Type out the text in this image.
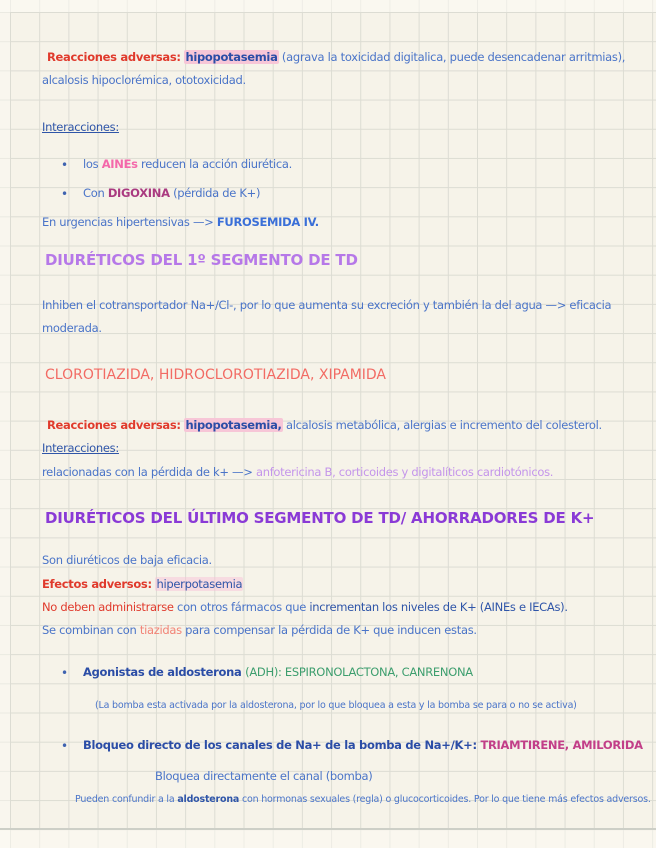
Reacciones adversas: hipopotasemia (agrava la toxicidad digitalica, puede desencadenar arritmias),
alcalosis hipoclorémica, ototoxicidad.
Interacciones:
• los AINEs reducen la acción diurética.
• Con DIGOXINA (pérdida de K+)
En urgencias hipertensivas —> FUROSEMIDA IV.
DIURÉTICOS DEL 1º SEGMENTO DE TD
Inhiben el cotransportador Na+/Cl-, por lo que aumenta su excreción y también la del agua —> eficacia
moderada.
CLOROTIAZIDA, HIDROCLOROTIAZIDA, XIPAMIDA
Reacciones adversas: hipopotasemia, alcalosis metabólica, alergias e incremento del colesterol.
Interacciones:
relacionadas con la pérdida de k+ —> anfotericina B, corticoides y digitalíticos cardiotónicos.
DIURÉTICOS DEL ÚLTIMO SEGMENTO DE TD/ AHORRADORES DE K+
Son diuréticos de baja eficacia.
Efectos adversos: hiperpotasemia
No deben administrarse con otros fármacos que incrementan los niveles de K+ (AINEs e IECAs).
Se combinan con tiazidas para compensar la pérdida de K+ que inducen estas.
• Agonistas de aldosterona (ADH): ESPIRONOLACTONA, CANRENONA
(La bomba esta activada por la aldosterona, por lo que bloquea a esta y la bomba se para o no se activa)
• Bloqueo directo de los canales de Na+ de la bomba de Na+/K+: TRIAMTIRENE, AMILORIDA
Bloquea directamente el canal (bomba)
Pueden confundir a la aldosterona con hormonas sexuales (regla) o glucocorticoides. Por lo que tiene más efectos adversos.
